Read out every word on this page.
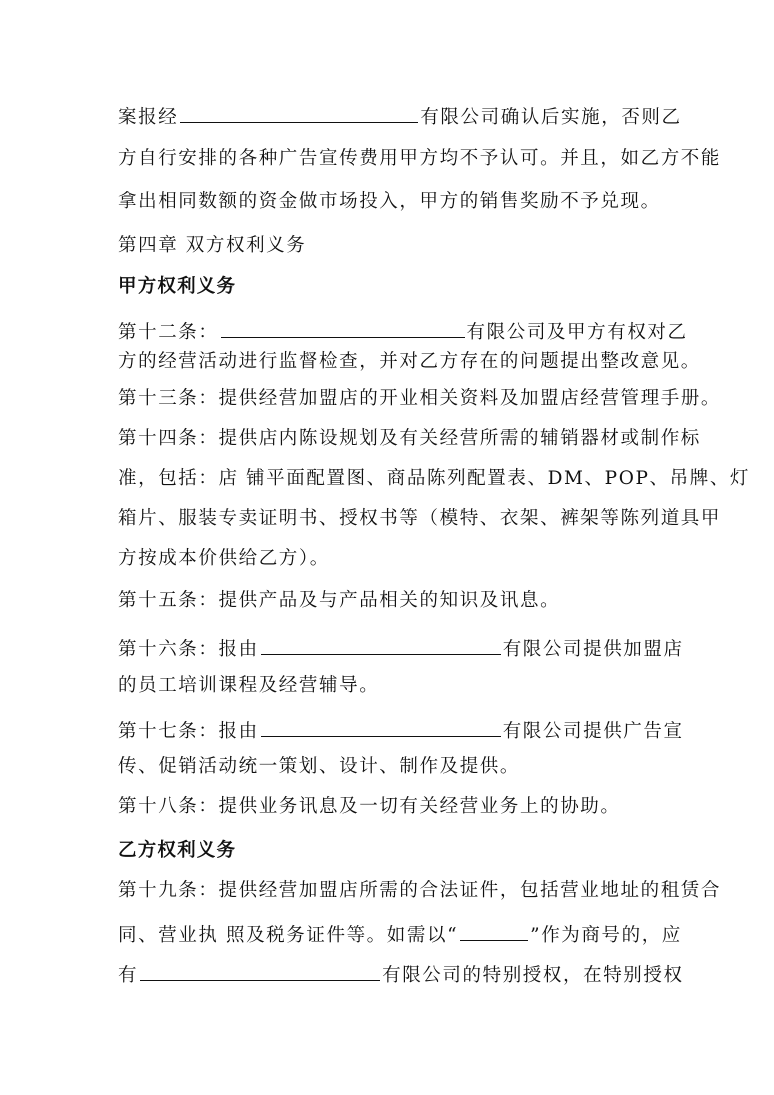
案报经	有限公司确认后实施，否则乙
方自行安排的各种广告宣传费用甲方均不予认可。并且，如乙方不能
拿出相同数额的资金做市场投入，甲方的销售奖励不予兑现。
第四章 双方权利义务
甲方权利义务
第十二条：	有限公司及甲方有权对乙
方的经营活动进行监督检查，并对乙方存在的问题提出整改意见。
第十三条：提供经营加盟店的开业相关资料及加盟店经营管理手册。
第十四条：提供店内陈设规划及有关经营所需的辅销器材或制作标
准，包括：店 铺平面配置图、商品陈列配置表、DM、POP、吊牌、灯
箱片、服装专卖证明书、授权书等（模特、衣架、裤架等陈列道具甲
方按成本价供给乙方）。
第十五条：提供产品及与产品相关的知识及讯息。
第十六条：报由	有限公司提供加盟店
的员工培训课程及经营辅导。
第十七条：报由	有限公司提供广告宣
传、促销活动统一策划、设计、制作及提供。
第十八条：提供业务讯息及一切有关经营业务上的协助。
乙方权利义务
第十九条：提供经营加盟店所需的合法证件，包括营业地址的租赁合
同、营业执 照及税务证件等。如需以“	”作为商号的，应
有	有限公司的特别授权，在特别授权
